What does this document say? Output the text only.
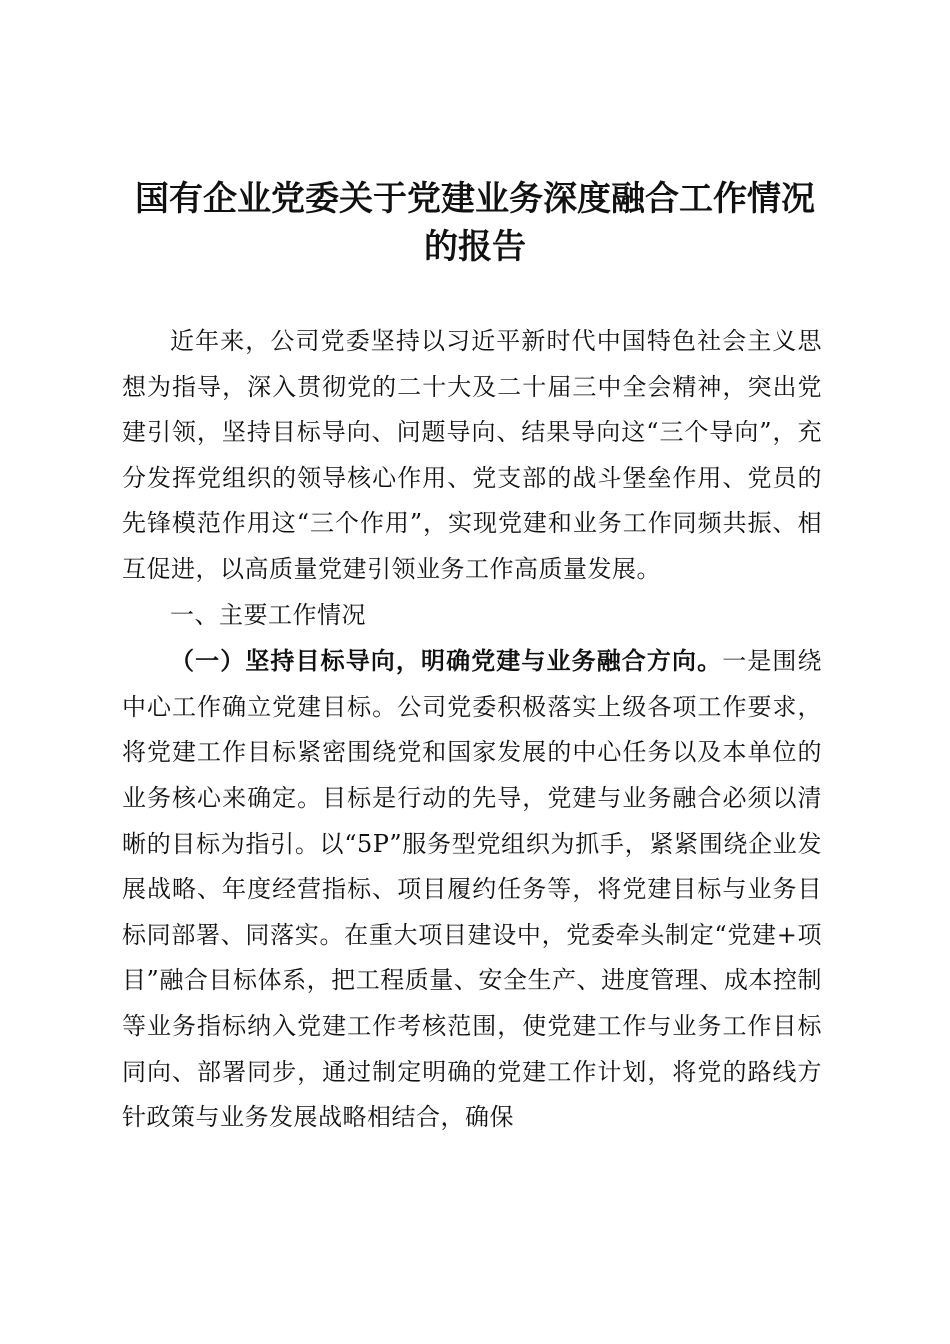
国有企业党委关于党建业务深度融合工作情况
的报告

近年来，公司党委坚持以习近平新时代中国特色社会主义思想为指导，深入贯彻党的二十大及二十届三中全会精神，突出党建引领，坚持目标导向、问题导向、结果导向这“三个导向”，充分发挥党组织的领导核心作用、党支部的战斗堡垒作用、党员的先锋模范作用这“三个作用”，实现党建和业务工作同频共振、相互促进，以高质量党建引领业务工作高质量发展。

一、主要工作情况

（一）坚持目标导向，明确党建与业务融合方向。一是围绕中心工作确立党建目标。公司党委积极落实上级各项工作要求，将党建工作目标紧密围绕党和国家发展的中心任务以及本单位的业务核心来确定。目标是行动的先导，党建与业务融合必须以清晰的目标为指引。以“5P”服务型党组织为抓手，紧紧围绕企业发展战略、年度经营指标、项目履约任务等，将党建目标与业务目标同部署、同落实。在重大项目建设中，党委牵头制定“党建+项目”融合目标体系，把工程质量、安全生产、进度管理、成本控制等业务指标纳入党建工作考核范围，使党建工作与业务工作目标同向、部署同步，通过制定明确的党建工作计划，将党的路线方针政策与业务发展战略相结合，确保
